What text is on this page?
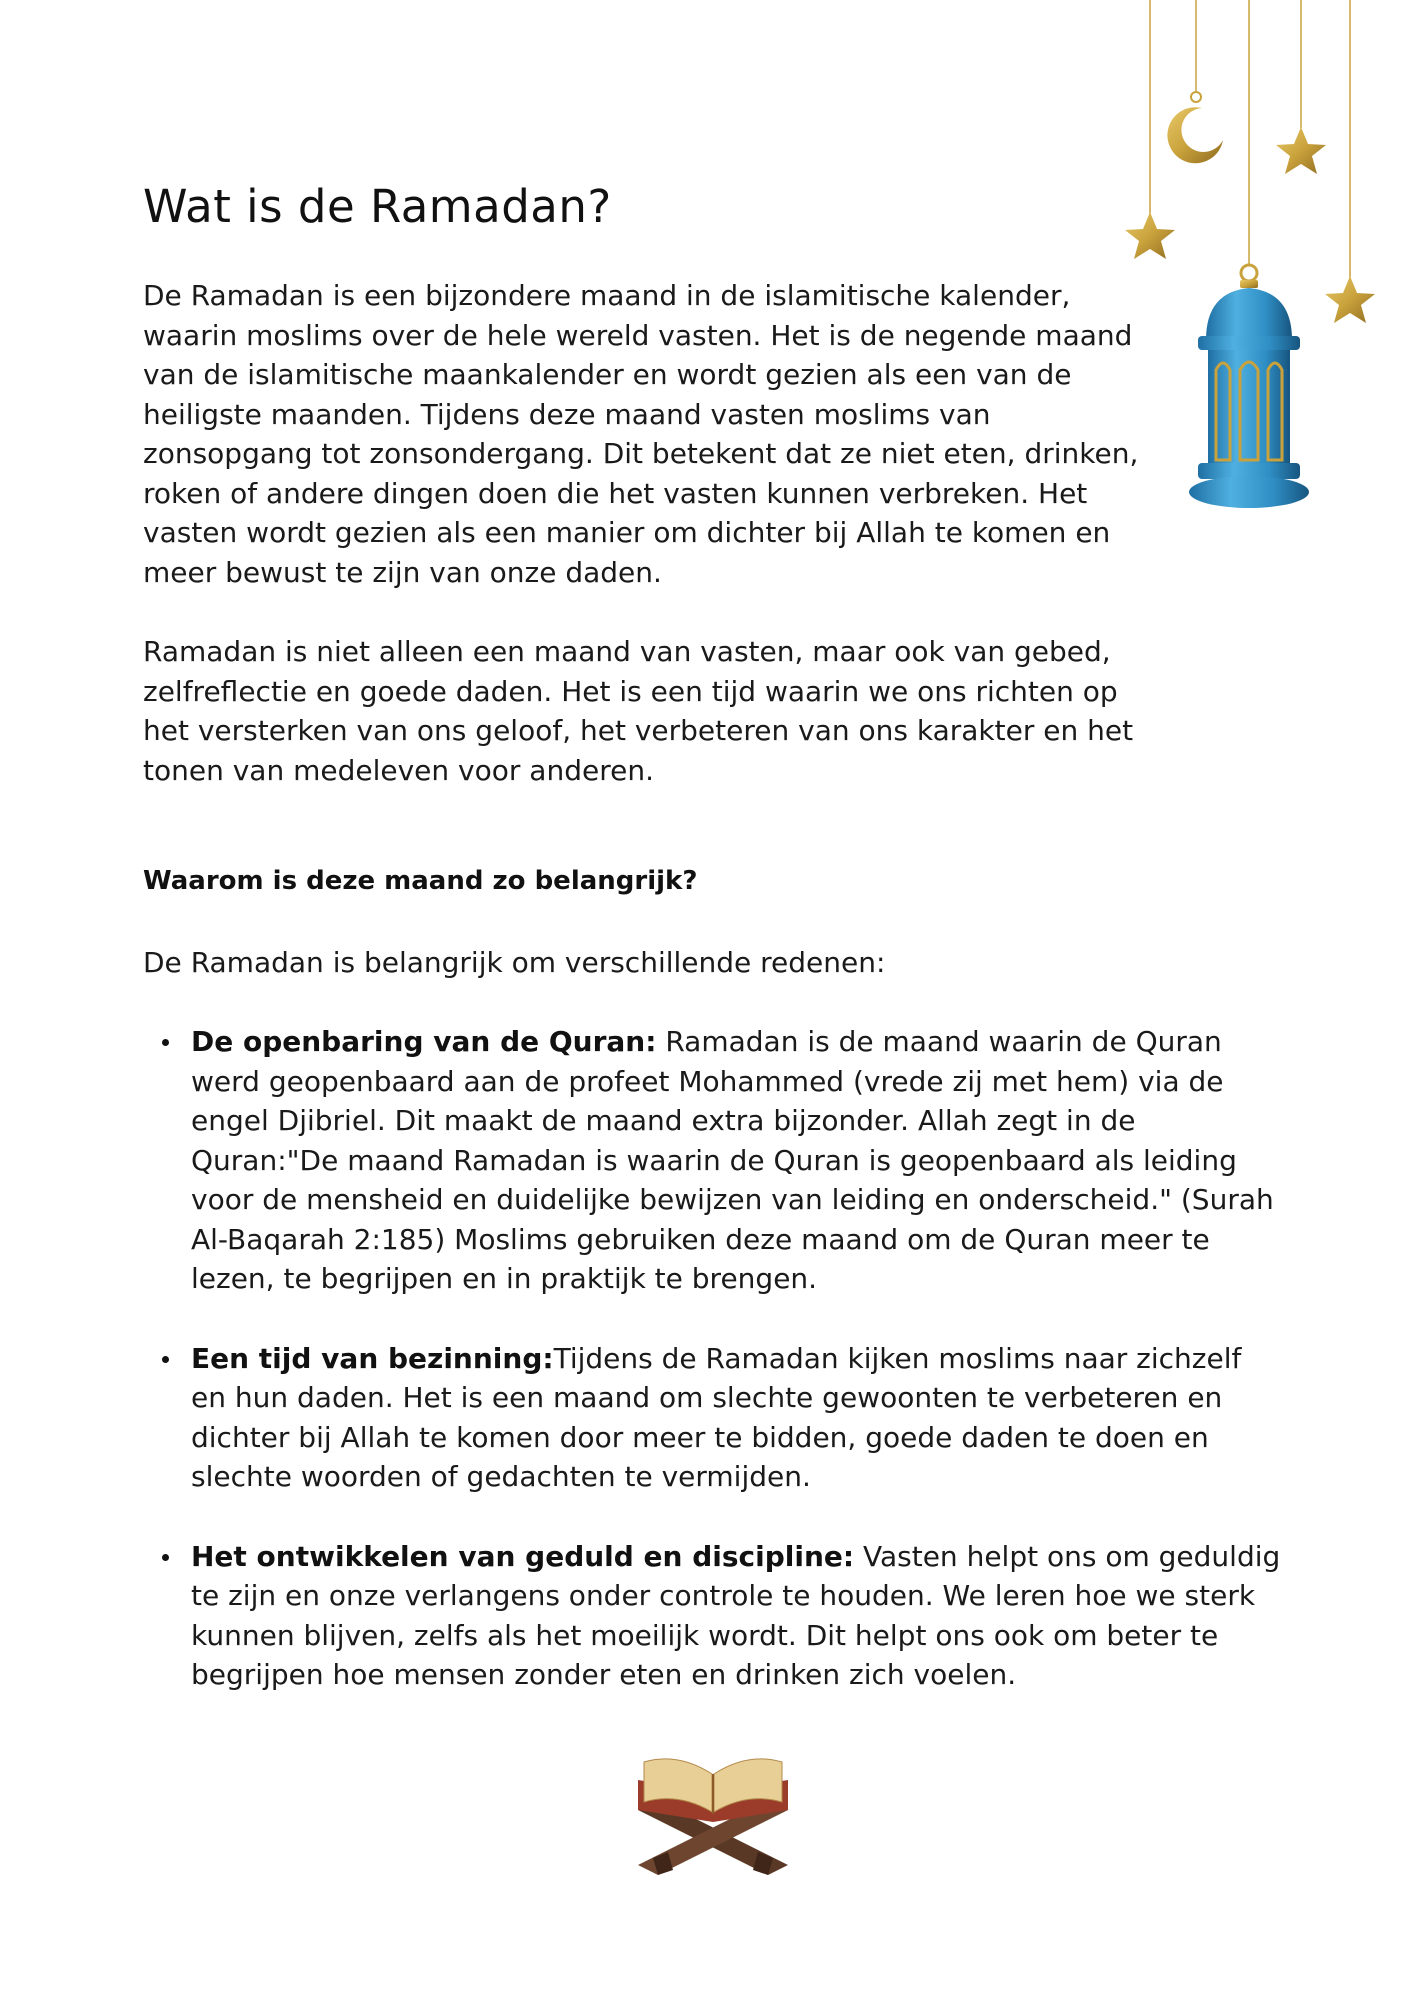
Wat is de Ramadan?

De Ramadan is een bijzondere maand in de islamitische kalender, waarin moslims over de hele wereld vasten. Het is de negende maand van de islamitische maankalender en wordt gezien als een van de heiligste maanden. Tijdens deze maand vasten moslims van zonsopgang tot zonsondergang. Dit betekent dat ze niet eten, drinken, roken of andere dingen doen die het vasten kunnen verbreken. Het vasten wordt gezien als een manier om dichter bij Allah te komen en meer bewust te zijn van onze daden.

Ramadan is niet alleen een maand van vasten, maar ook van gebed, zelfreflectie en goede daden. Het is een tijd waarin we ons richten op het versterken van ons geloof, het verbeteren van ons karakter en het tonen van medeleven voor anderen.

Waarom is deze maand zo belangrijk?

De Ramadan is belangrijk om verschillende redenen:

De openbaring van de Quran: Ramadan is de maand waarin de Quran werd geopenbaard aan de profeet Mohammed (vrede zij met hem) via de engel Djibriel. Dit maakt de maand extra bijzonder. Allah zegt in de Quran:"De maand Ramadan is waarin de Quran is geopenbaard als leiding voor de mensheid en duidelijke bewijzen van leiding en onderscheid." (Surah Al-Baqarah 2:185) Moslims gebruiken deze maand om de Quran meer te lezen, te begrijpen en in praktijk te brengen.
Een tijd van bezinning:Tijdens de Ramadan kijken moslims naar zichzelf en hun daden. Het is een maand om slechte gewoonten te verbeteren en dichter bij Allah te komen door meer te bidden, goede daden te doen en slechte woorden of gedachten te vermijden.
Het ontwikkelen van geduld en discipline: Vasten helpt ons om geduldig te zijn en onze verlangens onder controle te houden. We leren hoe we sterk kunnen blijven, zelfs als het moeilijk wordt. Dit helpt ons ook om beter te begrijpen hoe mensen zonder eten en drinken zich voelen.
